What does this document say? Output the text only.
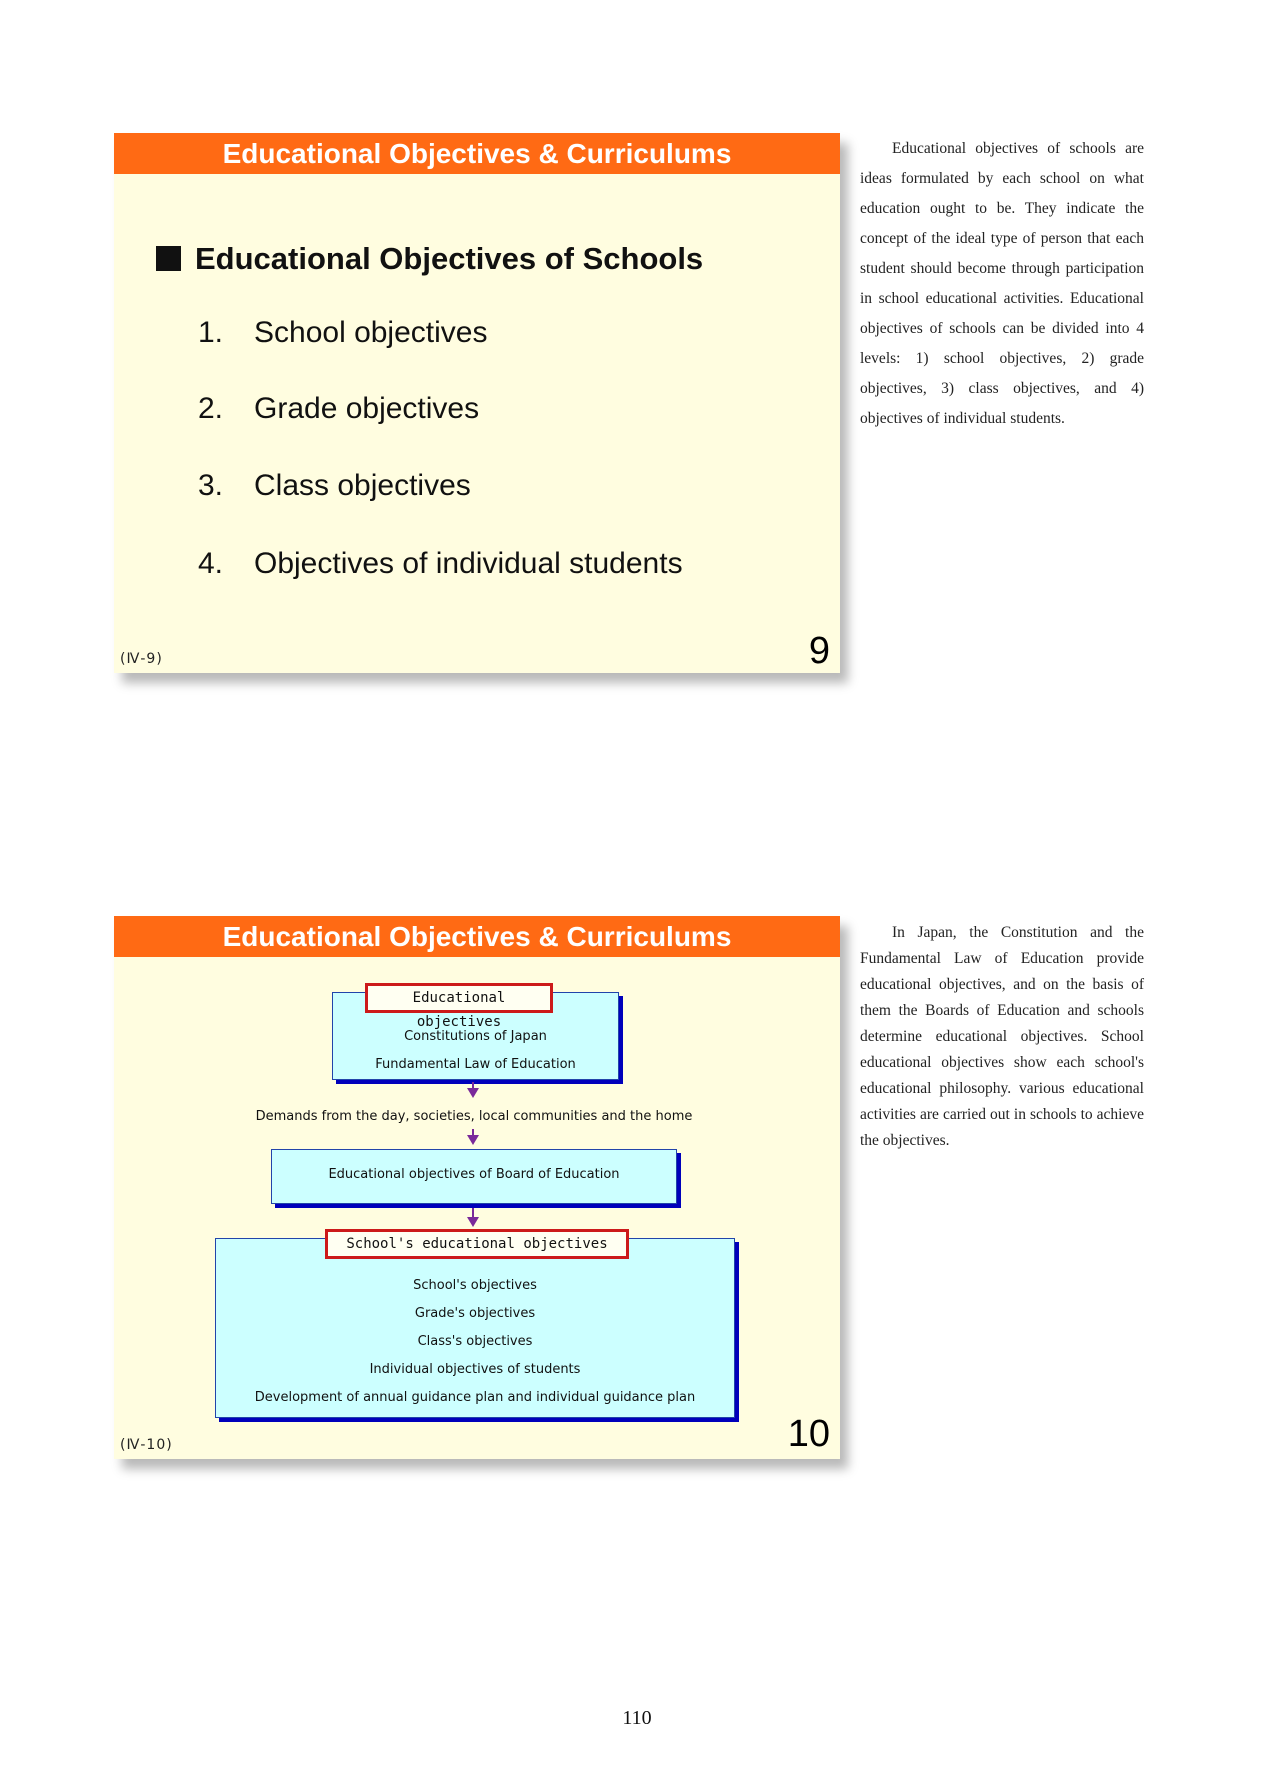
Educational Objectives & Curriculums
Educational Objectives of Schools
1. School objectives
2. Grade objectives
3. Class objectives
4. Objectives of individual students
(Ⅳ-9)	9

Educational objectives of schools are ideas formulated by each school on what education ought to be. They indicate the concept of the ideal type of person that each student should become through participation in school educational activities. Educational objectives of schools can be divided into 4 levels: 1) school objectives, 2) grade objectives, 3) class objectives, and 4) objectives of individual students.

Educational Objectives & Curriculums
Constitutions of Japan
Fundamental Law of Education
Educational objectives
Demands from the day, societies, local communities and the home
Educational objectives of Board of Education
School's objectives
Grade's objectives
Class's objectives
Individual objectives of students
Development of annual guidance plan and individual guidance plan
School's educational objectives
(Ⅳ-10)	10

In Japan, the Constitution and the Fundamental Law of Education provide educational objectives, and on the basis of them the Boards of Education and schools determine educational objectives. School educational objectives show each school's educational philosophy. various educational activities are carried out in schools to achieve the objectives.

110
